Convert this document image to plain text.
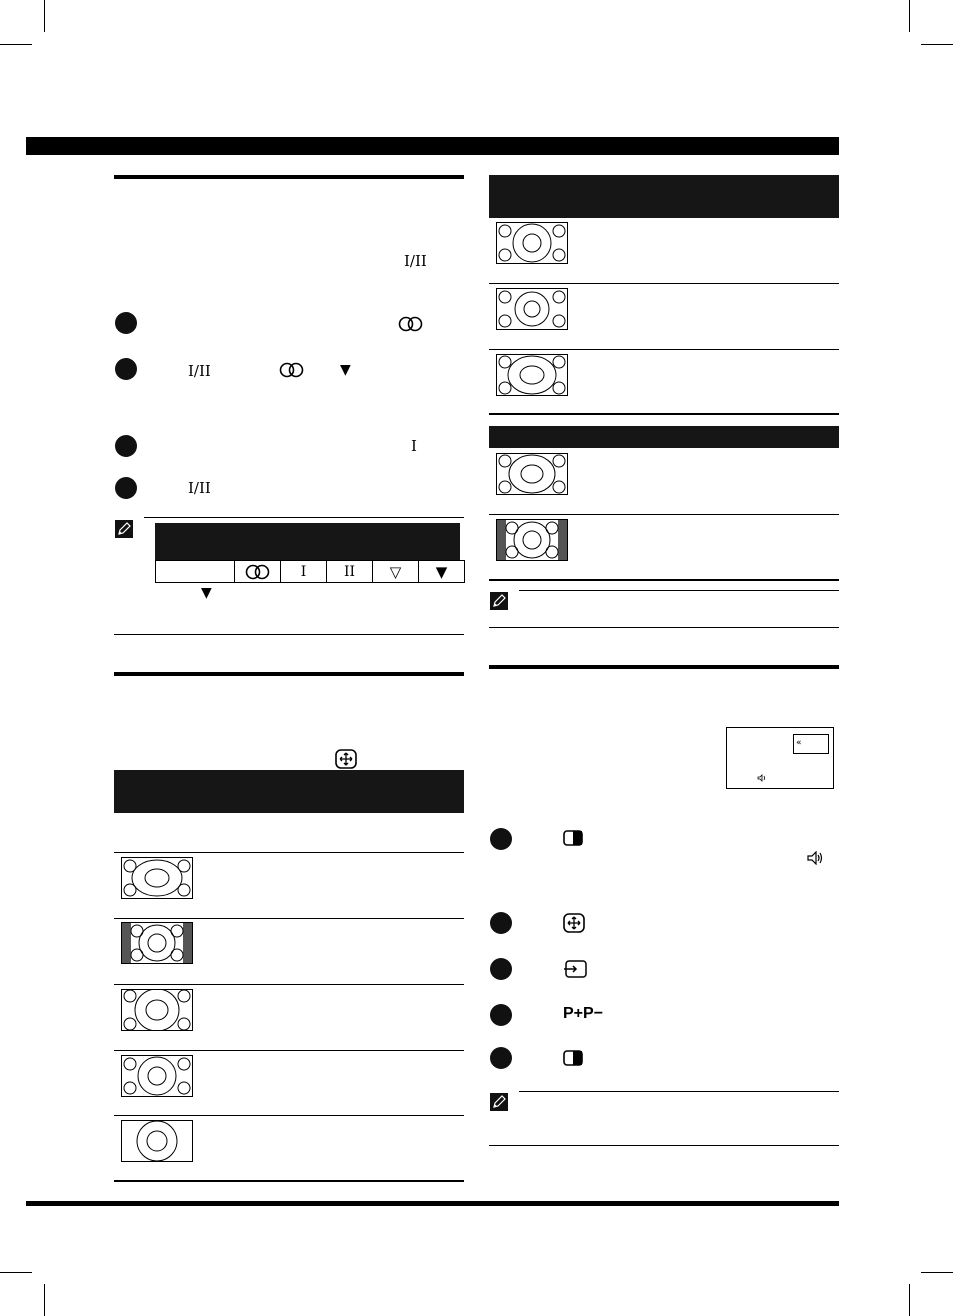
I/II
I/II	▼
I
I/II

	I	II	▽	▼
▼
«
P+P−
